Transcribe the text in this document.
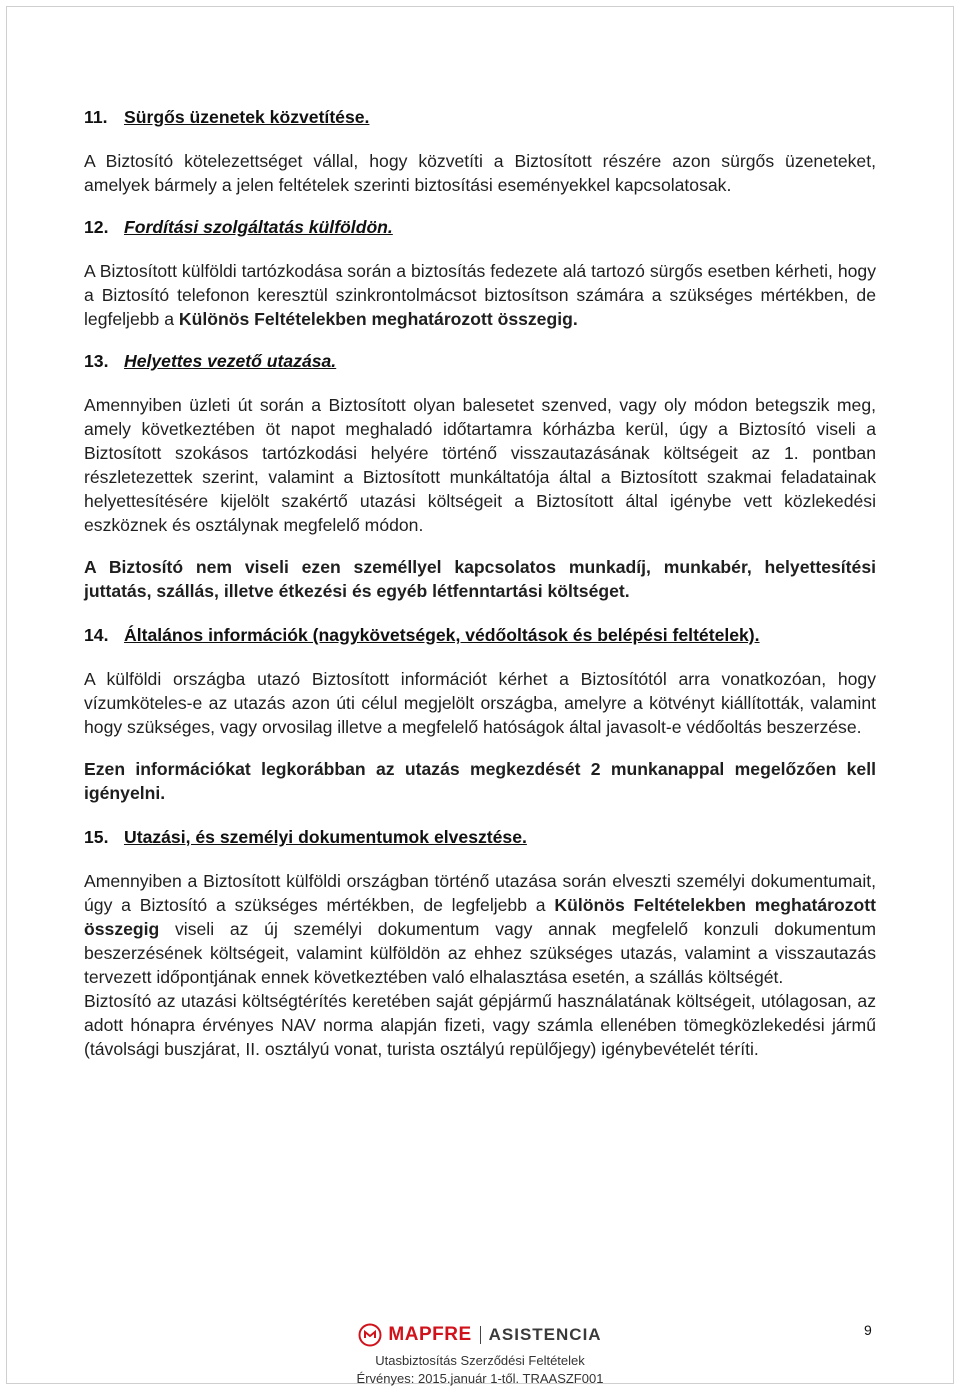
11. Sürgős üzenetek közvetítése.

A Biztosító kötelezettséget vállal, hogy közvetíti a Biztosított részére azon sürgős üzeneteket, amelyek bármely a jelen feltételek szerinti biztosítási eseményekkel kapcsolatosak.

12. Fordítási szolgáltatás külföldön.

A Biztosított külföldi tartózkodása során a biztosítás fedezete alá tartozó sürgős esetben kérheti, hogy a Biztosító telefonon keresztül szinkrontolmácsot biztosítson számára a szükséges mértékben, de legfeljebb a Különös Feltételekben meghatározott összegig.

13. Helyettes vezető utazása.

Amennyiben üzleti út során a Biztosított olyan balesetet szenved, vagy oly módon betegszik meg, amely következtében öt napot meghaladó időtartamra kórházba kerül, úgy a Biztosító viseli a Biztosított szokásos tartózkodási helyére történő visszautazásának költségeit az 1. pontban részletezettek szerint, valamint a Biztosított munkáltatója által a Biztosított szakmai feladatainak helyettesítésére kijelölt szakértő utazási költségeit a Biztosított által igénybe vett közlekedési eszköznek és osztálynak megfelelő módon.

A Biztosító nem viseli ezen személlyel kapcsolatos munkadíj, munkabér, helyettesítési juttatás, szállás, illetve étkezési és egyéb létfenntartási költséget.

14. Általános információk (nagykövetségek, védőoltások és belépési feltételek).

A külföldi országba utazó Biztosított információt kérhet a Biztosítótól arra vonatkozóan, hogy vízumköteles-e az utazás azon úti célul megjelölt országba, amelyre a kötvényt kiállították, valamint hogy szükséges, vagy orvosilag illetve a megfelelő hatóságok által javasolt-e védőoltás beszerzése.

Ezen információkat legkorábban az utazás megkezdését 2 munkanappal megelőzően kell igényelni.

15. Utazási, és személyi dokumentumok elvesztése.

Amennyiben a Biztosított külföldi országban történő utazása során elveszti személyi dokumentumait, úgy a Biztosító a szükséges mértékben, de legfeljebb a Különös Feltételekben meghatározott összegig viseli az új személyi dokumentum vagy annak megfelelő konzuli dokumentum beszerzésének költségeit, valamint külföldön az ehhez szükséges utazás, valamint a visszautazás tervezett időpontjának ennek következtében való elhalasztása esetén, a szállás költségét.

Biztosító az utazási költségtérítés keretében saját gépjármű használatának költségeit, utólagosan, az adott hónapra érvényes NAV norma alapján fizeti, vagy számla ellenében tömegközlekedési jármű (távolsági buszjárat, II. osztályú vonat, turista osztályú repülőjegy) igénybevételét téríti.

MAPFRE ASISTENCIA
Utasbiztosítás Szerződési Feltételek
Érvényes: 2015.január 1-től. TRAASZF001
9
